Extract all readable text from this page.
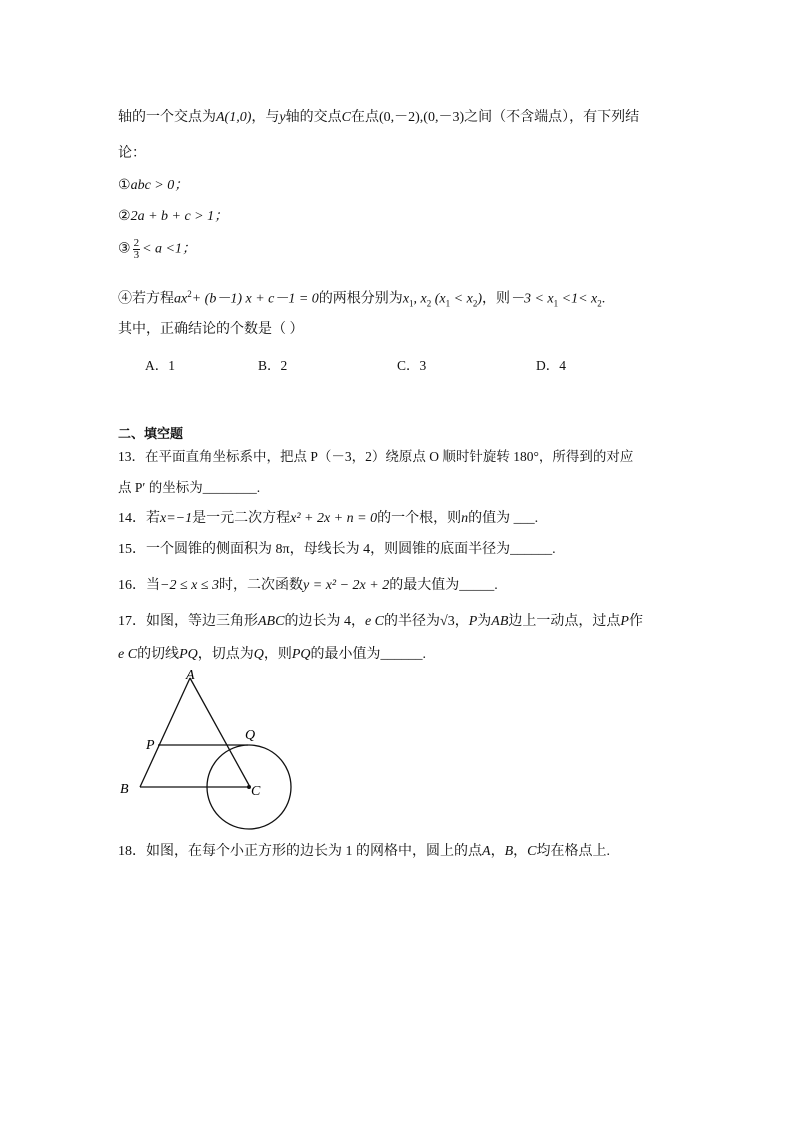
轴的一个交点为A(1,0)，与y轴的交点C在点(0,－2),(0,－3)之间（不含端点），有下列结
论：
①abc > 0；
②2a + b + c > 1；
③ $\frac{2}{3} < a <1$；
④若方程$ax^2+ (b-1) x + c-1 = 0$的两根分别为$x_1$, $x_2$ $(x_1 < x_2)$，则$-3 < x_1 <1< x_2$.
其中，正确结论的个数是（ ）
A．1	B．2	C．3	D．4
二、填空题
13．在平面直角坐标系中，把点 P（－3，2）绕原点 O 顺时针旋转 180°，所得到的对应
点 P′ 的坐标为________.
14．若x=−1是一元二次方程x² + 2x + n = 0的一个根，则n的值为 ___.
15．一个圆锥的侧面积为 8π，母线长为 4，则圆锥的底面半径为______.
16．当−2 ≤ x ≤ 3时，二次函数y = x² − 2x + 2的最大值为_____.
17．如图，等边三角形ABC的边长为 4，e C的半径为√3，P为AB边上一动点，过点P作
e C的切线PQ，切点为Q，则PQ的最小值为______.
A
B	C
P
Q
18．如图，在每个小正方形的边长为 1 的网格中，圆上的点A，B，C均在格点上.
